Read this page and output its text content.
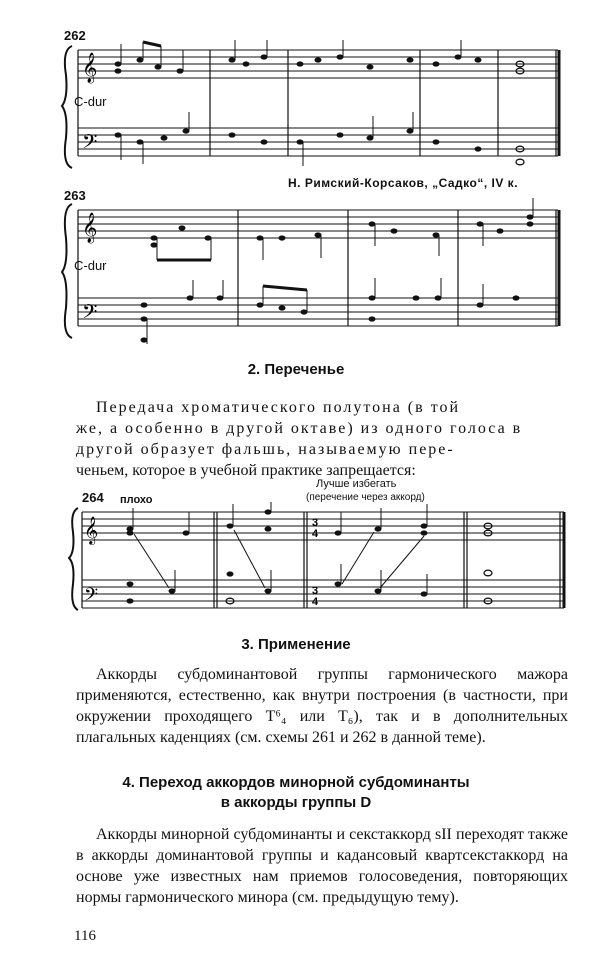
262
C-dur
𝄞
𝄢
Н. Римский-Корсаков, „Садко“, IV к.
263
C-dur
𝄞
𝄢
2. Переченье
Передача хроматического полутона (в той
же, а особенно в другой октаве) из одного голоса в
другой образует фальшь, называемую пере-
ченьем, которое в учебной практике запрещается:
264 плохо
Лучше избегать
(перечение через аккорд)
𝄞
𝄢
3
4
3
4
3. Применение
Аккорды субдоминантовой группы гармонического мажора применяются, естественно, как внутри построения (в частности, при окружении проходящего T⁶₄ или T₆), так и в дополнительных плагальных каденциях (см. схемы 261 и 262 в данной теме).
4. Переход аккордов минорной субдоминанты
в аккорды группы D
Аккорды минорной субдоминанты и секстаккорд sII переходят также в аккорды доминантовой группы и кадансовый квартсекстаккорд на основе уже известных нам приемов голосоведения, повторяющих нормы гармонического минора (см. предыдущую тему).
116
